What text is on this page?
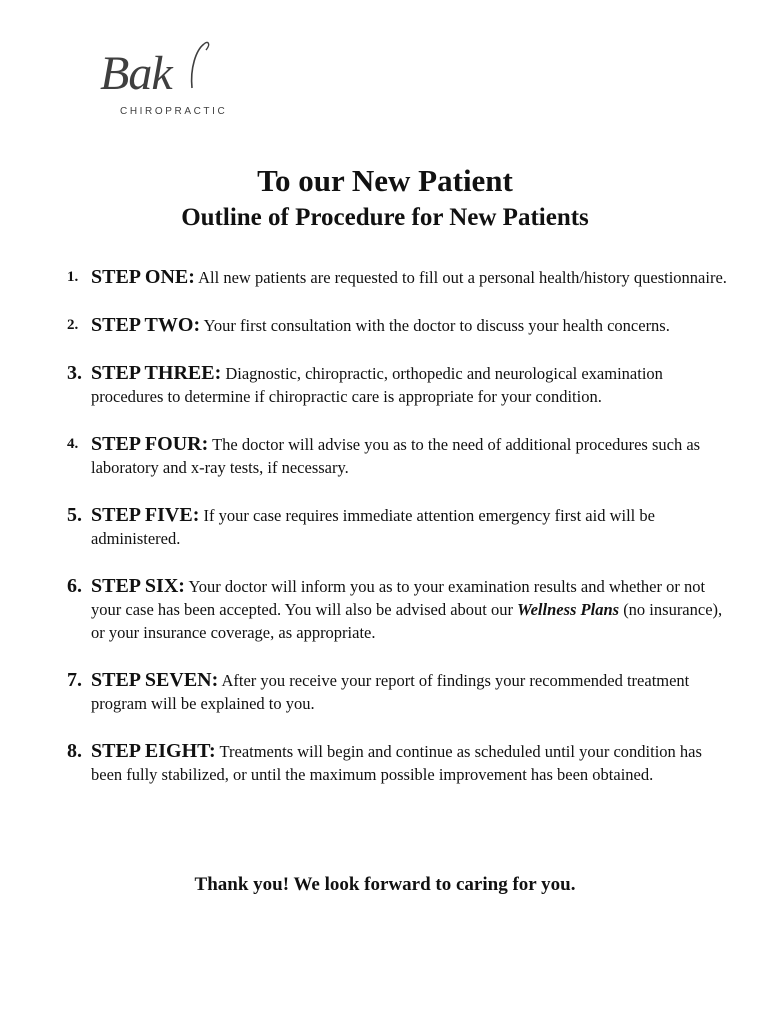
Bak
CHIROPRACTIC
To our New Patient
Outline of Procedure for New Patients
1. STEP ONE: All new patients are requested to fill out a personal health/history questionnaire.
2. STEP TWO: Your first consultation with the doctor to discuss your health concerns.
3. STEP THREE: Diagnostic, chiropractic, orthopedic and neurological examination procedures to determine if chiropractic care is appropriate for your condition.
4. STEP FOUR: The doctor will advise you as to the need of additional procedures such as laboratory and x-ray tests, if necessary.
5. STEP FIVE: If your case requires immediate attention emergency first aid will be administered.
6. STEP SIX: Your doctor will inform you as to your examination results and whether or not your case has been accepted. You will also be advised about our Wellness Plans (no insurance), or your insurance coverage, as appropriate.
7. STEP SEVEN: After you receive your report of findings your recommended treatment program will be explained to you.
8. STEP EIGHT: Treatments will begin and continue as scheduled until your condition has been fully stabilized, or until the maximum possible improvement has been obtained.

Thank you! We look forward to caring for you.
